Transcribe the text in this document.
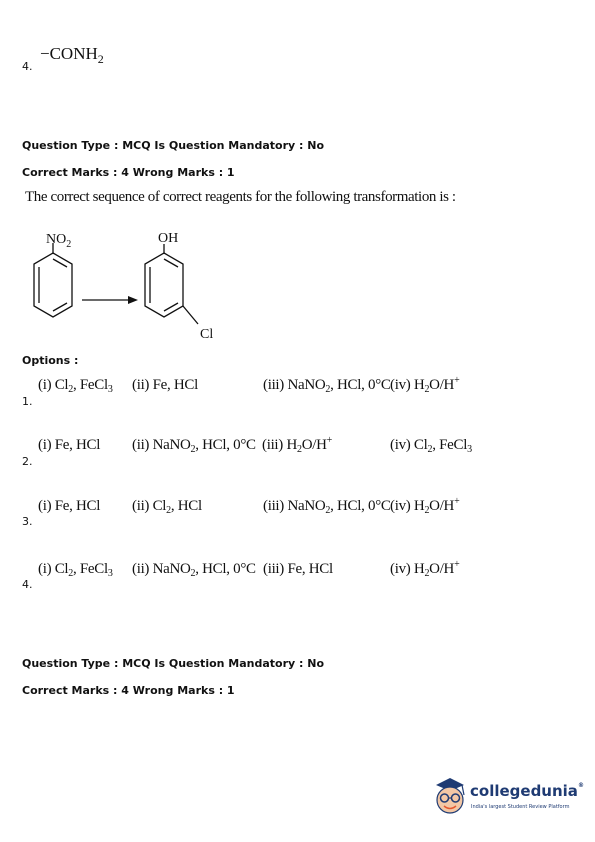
4.
$-CONH_2$
Question Type : MCQ Is Question Mandatory : No
Correct Marks : 4 Wrong Marks : 1
The correct sequence of correct reagents for the following transformation is :
$NO_2$	OH
Cl
Options :
1.
(i) $Cl_2$, FeCl$_3$ (ii) Fe, HCl	(iii) NaNO$_2$, HCl, 0°C (iv) $H_2O/H^+$
2.
(i) Fe, HCl (ii) NaNO$_2$, HCl, 0°C (iii) $H_2O/H^+$	(iv) $Cl_2$, FeCl$_3$
3.
(i) Fe, HCl (ii) $Cl_2$, HCl	(iii) NaNO$_2$, HCl, 0°C (iv) $H_2O/H^+$
4.
(i) $Cl_2$, FeCl$_3$ (ii) NaNO$_2$, HCl, 0°C (iii) Fe, HCl	(iv) $H_2O/H^+$
Question Type : MCQ Is Question Mandatory : No
Correct Marks : 4 Wrong Marks : 1
collegedunia®
India's largest Student Review Platform
